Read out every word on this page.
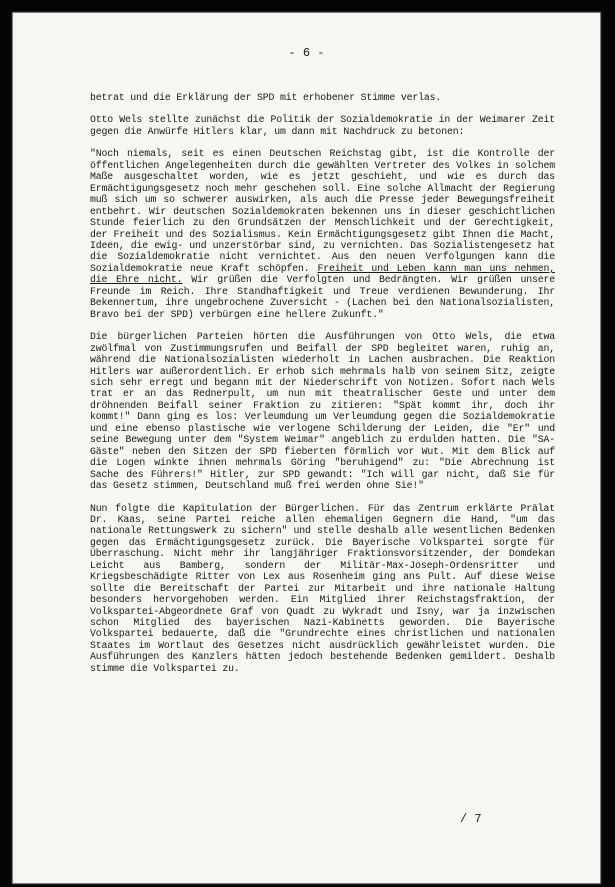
- 6 -

betrat und die Erklärung der SPD mit erhobener Stimme verlas.

Otto Wels stellte zunächst die Politik der Sozialdemokratie in der Weimarer Zeit gegen die Anwürfe Hitlers klar, um dann mit Nachdruck zu betonen:

"Noch niemals, seit es einen Deutschen Reichstag gibt, ist die Kontrolle der öffentlichen Angelegenheiten durch die gewählten Vertreter des Volkes in solchem Maße ausgeschaltet worden, wie es jetzt geschieht, und wie es durch das Ermächtigungsgesetz noch mehr geschehen soll. Eine solche Allmacht der Regierung muß sich um so schwerer auswirken, als auch die Presse jeder Bewegungsfreiheit entbehrt. Wir deutschen Sozialdemokraten bekennen uns in dieser geschichtlichen Stunde feierlich zu den Grundsätzen der Menschlichkeit und der Gerechtigkeit, der Freiheit und des Sozialismus. Kein Ermächtigungsgesetz gibt Ihnen die Macht, Ideen, die ewig- und unzerstörbar sind, zu vernichten. Das Sozialistengesetz hat die Sozialdemokratie nicht vernichtet. Aus den neuen Verfolgungen kann die Sozialdemokratie neue Kraft schöpfen. Freiheit und Leben kann man uns nehmen, die Ehre nicht. Wir grüßen die Verfolgten und Bedrängten. Wir grüßen unsere Freunde im Reich. Ihre Standhaftigkeit und Treue verdienen Bewunderung. Ihr Bekennertum, ihre ungebrochene Zuversicht - (Lachen bei den Nationalsozialisten, Bravo bei der SPD) verbürgen eine hellere Zukunft."

Die bürgerlichen Parteien hörten die Ausführungen von Otto Wels, die etwa zwölfmal von Zustimmungsrufen und Beifall der SPD begleitet waren, ruhig an, während die Nationalsozialisten wiederholt in Lachen ausbrachen. Die Reaktion Hitlers war außerordentlich. Er erhob sich mehrmals halb von seinem Sitz, zeigte sich sehr erregt und begann mit der Niederschrift von Notizen. Sofort nach Wels trat er an das Rednerpult, um nun mit theatralischer Geste und unter dem dröhnenden Beifall seiner Fraktion zu zitieren: "Spät kommt ihr, doch ihr kommt!" Dann ging es los: Verleumdung um Verleumdung gegen die Sozialdemokratie und eine ebenso plastische wie verlogene Schilderung der Leiden, die "Er" und seine Bewegung unter dem "System Weimar" angeblich zu erdulden hatten. Die "SA-Gäste" neben den Sitzen der SPD fieberten förmlich vor Wut. Mit dem Blick auf die Logen winkte ihnen mehrmals Göring "beruhigend" zu: "Die Abrechnung ist Sache des Führers!" Hitler, zur SPD gewandt: "Ich will gar nicht, daß Sie für das Gesetz stimmen, Deutschland muß frei werden ohne Sie!"

Nun folgte die Kapitulation der Bürgerlichen. Für das Zentrum erklärte Prälat Dr. Kaas, seine Partei reiche allen ehemaligen Gegnern die Hand, "um das nationale Rettungswerk zu sichern" und stelle deshalb alle wesentlichen Bedenken gegen das Ermächtigungsgesetz zurück. Die Bayerische Volkspartei sorgte für Überraschung. Nicht mehr ihr langjähriger Fraktionsvorsitzender, der Domdekan Leicht aus Bamberg, sondern der Militär-Max-Joseph-Ordensritter und Kriegsbeschädigte Ritter von Lex aus Rosenheim ging ans Pult. Auf diese Weise sollte die Bereitschaft der Partei zur Mitarbeit und ihre nationale Haltung besonders hervorgehoben werden. Ein Mitglied ihrer Reichstagsfraktion, der Volkspartei-Abgeordnete Graf von Quadt zu Wykradt und Isny, war ja inzwischen schon Mitglied des bayerischen Nazi-Kabinetts geworden. Die Bayerische Volkspartei bedauerte, daß die "Grundrechte eines christlichen und nationalen Staates im Wortlaut des Gesetzes nicht ausdrücklich gewährleistet wurden. Die Ausführungen des Kanzlers hätten jedoch bestehende Bedenken gemildert. Deshalb stimme die Volkspartei zu.

/ 7
